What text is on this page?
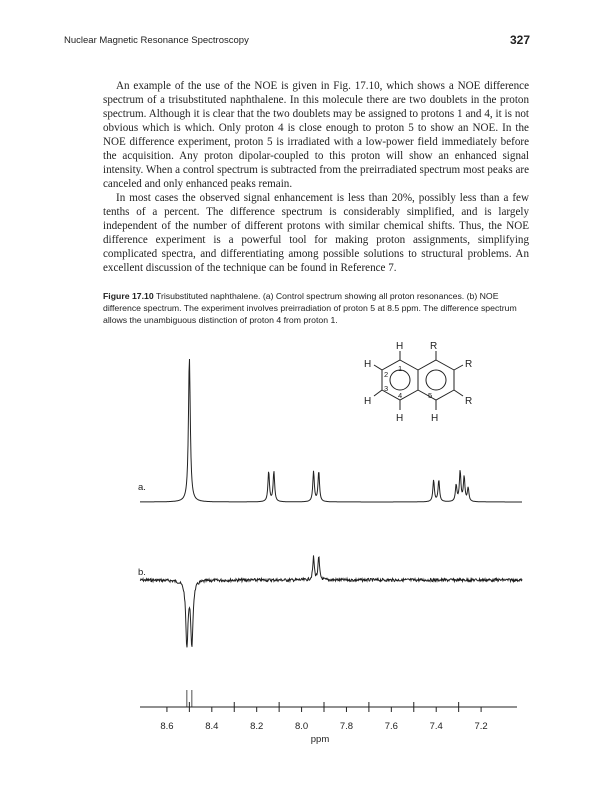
Nuclear Magnetic Resonance Spectroscopy	327

An example of the use of the NOE is given in Fig. 17.10, which shows a NOE difference spectrum of a trisubstituted naphthalene. In this molecule there are two doublets in the proton spectrum. Although it is clear that the two doublets may be assigned to protons 1 and 4, it is not obvious which is which. Only proton 4 is close enough to proton 5 to show an NOE. In the NOE difference experiment, proton 5 is irradiated with a low-power field immediately before the acquisition. Any proton dipolar-coupled to this proton will show an enhanced signal intensity. When a control spectrum is subtracted from the preirradiated spectrum most peaks are canceled and only enhanced peaks remain.

In most cases the observed signal enhancement is less than 20%, possibly less than a few tenths of a percent. The difference spectrum is considerably simplified, and is largely independent of the number of different protons with similar chemical shifts. Thus, the NOE difference experiment is a powerful tool for making proton assignments, simplifying complicated spectra, and differentiating among possible solutions to structural problems. An excellent discussion of the technique can be found in Reference 7.

Figure 17.10 Trisubstituted naphthalene. (a) Control spectrum showing all proton resonances. (b) NOE difference spectrum. The experiment involves preirradiation of proton 5 at 8.5 ppm. The difference spectrum allows the unambiguous distinction of proton 4 from proton 1.
H	R
H	H
H
H
R
R
1
2
3
4	5
a.
b.
8.6	8.4	8.2	8.0	7.8	7.6	7.4	7.2
ppm
